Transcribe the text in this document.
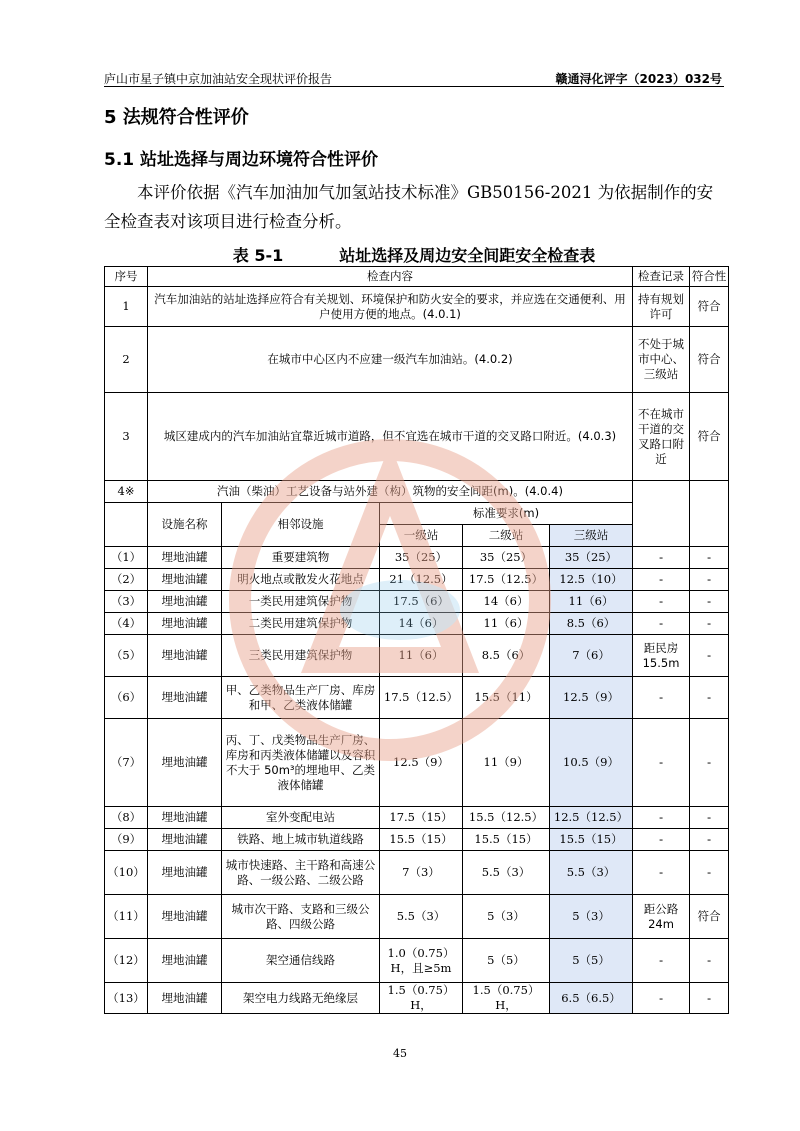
庐山市星子镇中京加油站安全现状评价报告	赣通浔化评字（2023）032号
5 法规符合性评价
5.1 站址选择与周边环境符合性评价
本评价依据《汽车加油加气加氢站技术标准》GB50156-2021 为依据制作的安全检查表对该项目进行检查分析。
表 5-1	站址选择及周边安全间距安全检查表
序号	检查内容					检查记录	符合性
1	汽车加油站的站址选择应符合有关规划、环境保护和防火安全的要求，并应选在交通便利、用户使用方便的地点。(4.0.1)					持有规划许可	符合
2	在城市中心区内不应建一级汽车加油站。(4.0.2)					不处于城市中心、三级站	符合
3	城区建成内的汽车加油站宜靠近城市道路，但不宜选在城市干道的交叉路口附近。(4.0.3)					不在城市干道的交叉路口附近	符合
4※	汽油（柴油）工艺设备与站外建（构）筑物的安全间距(m)。(4.0.4)						
	设施名称	相邻设施	标准要求(m)				
			一级站	二级站	三级站		
（1）	埋地油罐	重要建筑物	35（25）	35（25）	35（25）	-	-
（2）	埋地油罐	明火地点或散发火花地点	21（12.5）	17.5（12.5）	12.5（10）	-	-
（3）	埋地油罐	一类民用建筑保护物	17.5（6）	14（6）	11（6）	-	-
（4）	埋地油罐	二类民用建筑保护物	14（6）	11（6）	8.5（6）	-	-
（5）	埋地油罐	三类民用建筑保护物	11（6）	8.5（6）	7（6）	距民房15.5m	-
（6）	埋地油罐	甲、乙类物品生产厂房、库房和甲、乙类液体储罐	17.5（12.5）	15.5（11）	12.5（9）	-	-
（7）	埋地油罐	丙、丁、戊类物品生产厂房、库房和丙类液体储罐以及容积不大于 50m³的埋地甲、乙类液体储罐	12.5（9）	11（9）	10.5（9）	-	-
（8）	埋地油罐	室外变配电站	17.5（15）	15.5（12.5）	12.5（12.5）	-	-
（9）	埋地油罐	铁路、地上城市轨道线路	15.5（15）	15.5（15）	15.5（15）	-	-
（10）	埋地油罐	城市快速路、主干路和高速公路、一级公路、二级公路	7（3）	5.5（3）	5.5（3）	-	-
（11）	埋地油罐	城市次干路、支路和三级公路、四级公路	5.5（3）	5（3）	5（3）	距公路24m	符合
（12）	埋地油罐	架空通信线路	1.0（0.75）H，且≥5m	5（5）	5（5）	-	-
（13）	埋地油罐	架空电力线路无绝缘层	1.5（0.75）H，	1.5（0.75）H，	6.5（6.5）	-	-
45
